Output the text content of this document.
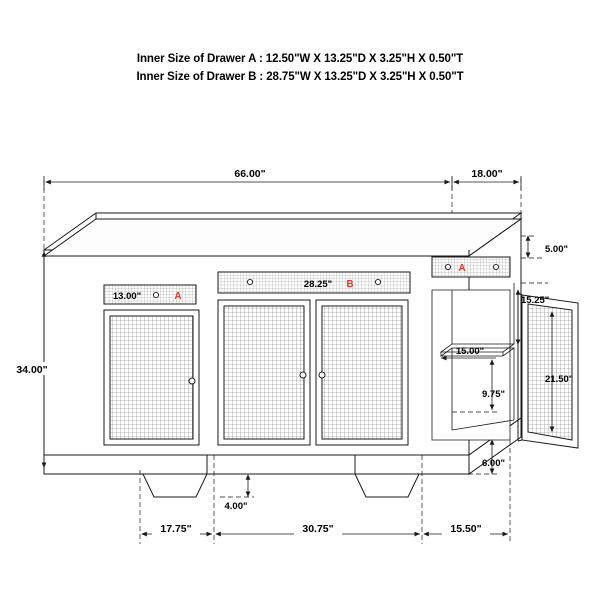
Inner Size of Drawer A : 12.50"W X 13.25"D X 3.25"H X 0.50"T
Inner Size of Drawer B : 28.75"W X 13.25"D X 3.25"H X 0.50"T
66.00"	18.00"
13.00"	A
28.25" B
A
34.00"
5.00"
15.25"
15.00"
9.75"
21.50"
6.00"
4.00"
17.75"	30.75"	15.50"
